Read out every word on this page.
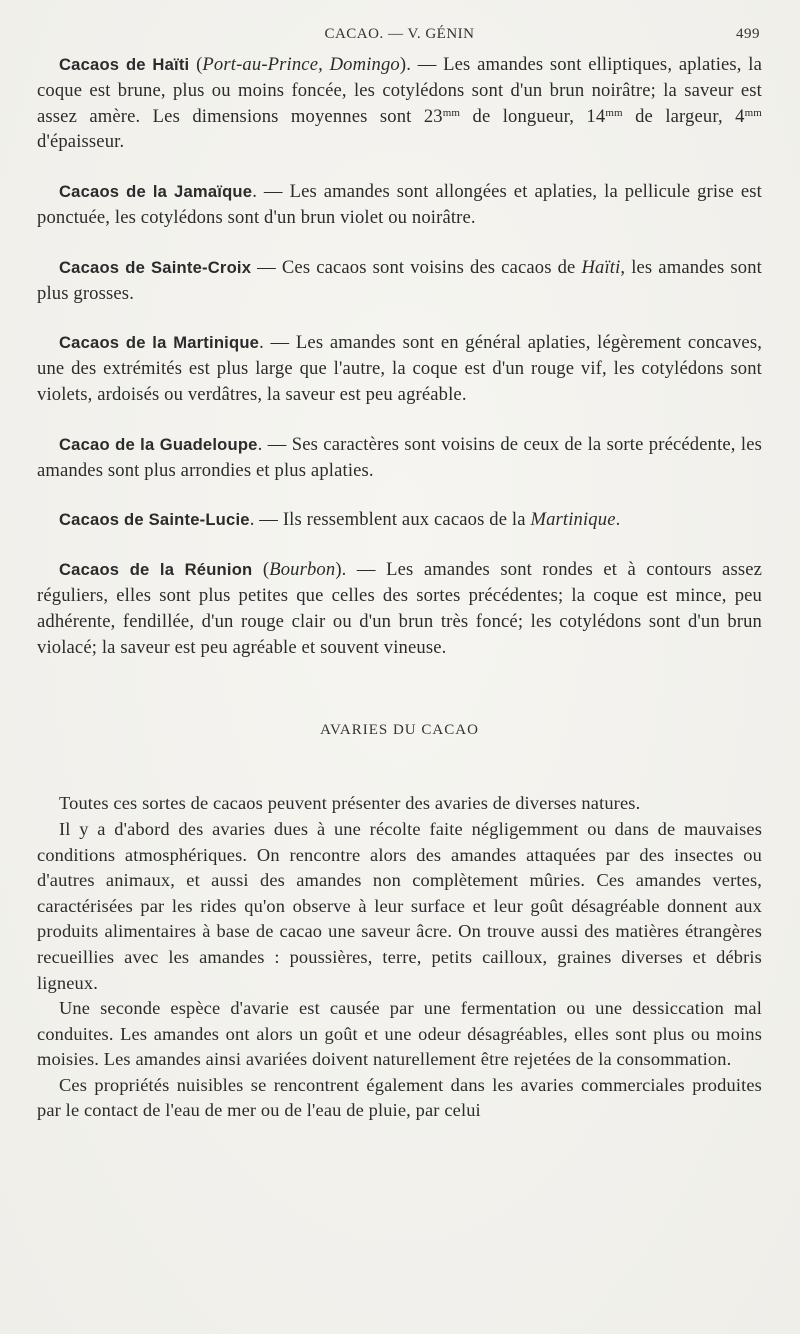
CACAO. — V. GÉNIN	499

Cacaos de Haïti (Port-au-Prince, Domingo). — Les amandes sont elliptiques, aplaties, la coque est brune, plus ou moins foncée, les cotylédons sont d'un brun noirâtre; la saveur est assez amère. Les dimensions moyennes sont $23^{mm}$ de longueur, $14^{mm}$ de largeur, $4^{mm}$ d'épaisseur.

Cacaos de la Jamaïque. — Les amandes sont allongées et aplaties, la pellicule grise est ponctuée, les cotylédons sont d'un brun violet ou noirâtre.

Cacaos de Sainte-Croix — Ces cacaos sont voisins des cacaos de Haïti, les amandes sont plus grosses.

Cacaos de la Martinique. — Les amandes sont en général aplaties, légèrement concaves, une des extrémités est plus large que l'autre, la coque est d'un rouge vif, les cotylédons sont violets, ardoisés ou verdâtres, la saveur est peu agréable.

Cacao de la Guadeloupe. — Ses caractères sont voisins de ceux de la sorte précédente, les amandes sont plus arrondies et plus aplaties.

Cacaos de Sainte-Lucie. — Ils ressemblent aux cacaos de la Martinique.

Cacaos de la Réunion (Bourbon). — Les amandes sont rondes et à contours assez réguliers, elles sont plus petites que celles des sortes précédentes; la coque est mince, peu adhérente, fendillée, d'un rouge clair ou d'un brun très foncé; les cotylédons sont d'un brun violacé; la saveur est peu agréable et souvent vineuse.

AVARIES DU CACAO

Toutes ces sortes de cacaos peuvent présenter des avaries de diverses natures.

Il y a d'abord des avaries dues à une récolte faite négligemment ou dans de mauvaises conditions atmosphériques. On rencontre alors des amandes attaquées par des insectes ou d'autres animaux, et aussi des amandes non complètement mûries. Ces amandes vertes, caractérisées par les rides qu'on observe à leur surface et leur goût désagréable donnent aux produits alimentaires à base de cacao une saveur âcre. On trouve aussi des matières étrangères recueillies avec les amandes : poussières, terre, petits cailloux, graines diverses et débris ligneux.

Une seconde espèce d'avarie est causée par une fermentation ou une dessiccation mal conduites. Les amandes ont alors un goût et une odeur désagréables, elles sont plus ou moins moisies. Les amandes ainsi avariées doivent naturellement être rejetées de la consommation.

Ces propriétés nuisibles se rencontrent également dans les avaries commerciales produites par le contact de l'eau de mer ou de l'eau de pluie, par celui
